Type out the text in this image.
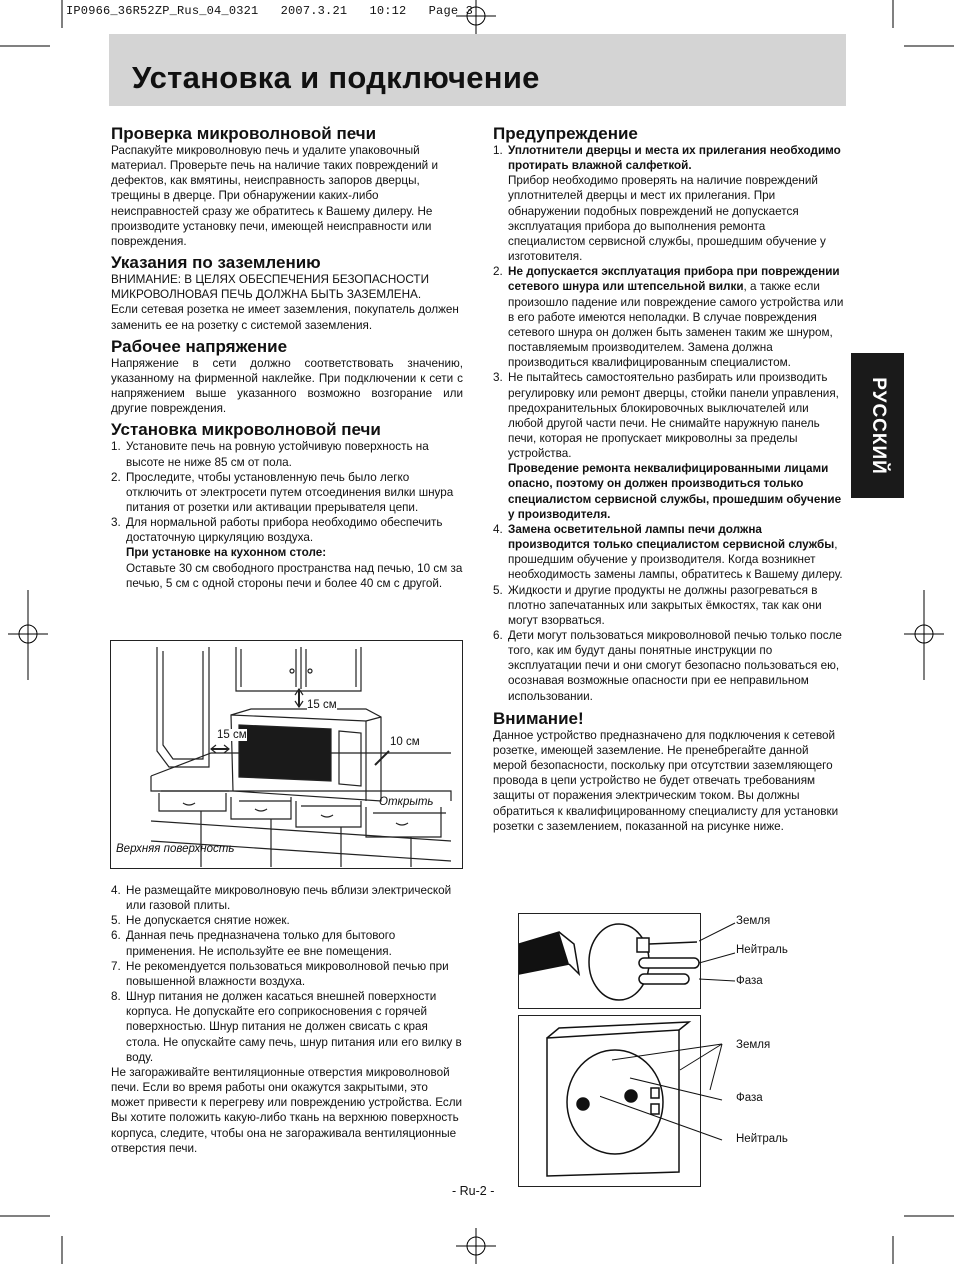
IP0966_36R52ZP_Rus_04_0321   2007.3.21   10:12   Page 3
Установка и подключение
РУССКИЙ
Проверка микроволновой печи

Распакуйте микроволновую печь и удалите упаковочный материал. Проверьте печь на наличие таких повреждений и дефектов, как вмятины, неисправность запоров дверцы, трещины в дверце. При обнаружении каких-либо неисправностей сразу же обратитесь к Вашему дилеру. Не производите установку печи, имеющей неисправности или повреждения.

Указания по заземлению

ВНИМАНИЕ: В ЦЕЛЯХ ОБЕСПЕЧЕНИЯ БЕЗОПАСНОСТИ МИКРОВОЛНОВАЯ ПЕЧЬ ДОЛЖНА БЫТЬ ЗАЗЕМЛЕНА.

Если сетевая розетка не имеет заземления, покупатель должен заменить ее на розетку с системой заземления.

Рабочее напряжение

Напряжение в сети должно соответствовать значению, указанному на фирменной наклейке. При подключении к сети с напряжением выше указанного возможно возгорание или другие повреждения.

Установка микроволновой печи
1. Установите печь на ровную устойчивую поверхность на высоте не ниже 85 см от пола.
2. Проследите, чтобы установленную печь было легко отключить от электросети путем отсоединения вилки шнура питания от розетки или активации прерывателя цепи.
3. Для нормальной работы прибора необходимо обеспечить достаточную циркуляцию воздуха.
При установке на кухонном столе:
Оставьте 30 см свободного пространства над печью, 10 см за печью, 5 см с одной стороны печи и более 40 см с другой.
15 см
15 см
10 см
Открыть
Верхняя поверхность
4. Не размещайте микроволновую печь вблизи электрической или газовой плиты.
5. Не допускается снятие ножек.
6. Данная печь предназначена только для бытового применения. Не используйте ее вне помещения.
7. Не рекомендуется пользоваться микроволновой печью при повышенной влажности воздуха.
8. Шнур питания не должен касаться внешней поверхности корпуса. Не допускайте его соприкосновения с горячей поверхностью. Шнур питания не должен свисать с края стола. Не опускайте саму печь, шнур питания или его вилку в воду.

Не загораживайте вентиляционные отверстия микроволновой печи. Если во время работы они окажутся закрытыми, это может привести к перегреву или повреждению устройства. Если Вы хотите положить какую-либо ткань на верхнюю поверхность корпуса, следите, чтобы она не загораживала вентиляционные отверстия печи.

Предупреждение
1. Уплотнители дверцы и места их прилегания необходимо протирать влажной салфеткой.
Прибор необходимо проверять на наличие повреждений уплотнителей дверцы и мест их прилегания. При обнаружении подобных повреждений не допускается эксплуатация прибора до выполнения ремонта специалистом сервисной службы, прошедшим обучение у изготовителя.
2. Не допускается эксплуатация прибора при повреждении сетевого шнура или штепсельной вилки, а также если произошло падение или повреждение самого устройства или в его работе имеются неполадки. В случае повреждения сетевого шнура он должен быть заменен таким же шнуром, поставляемым производителем. Замена должна производиться квалифицированным специалистом.
3. Не пытайтесь самостоятельно разбирать или производить регулировку или ремонт дверцы, стойки панели управления, предохранительных блокировочных выключателей или любой другой части печи. Не снимайте наружную панель печи, которая не пропускает микроволны за пределы устройства.
Проведение ремонта неквалифицированными лицами опасно, поэтому он должен производиться только специалистом сервисной службы, прошедшим обучение у производителя.
4. Замена осветительной лампы печи должна производится только специалистом сервисной службы, прошедшим обучение у производителя. Когда возникнет необходимость замены лампы, обратитесь к Вашему дилеру.
5. Жидкости и другие продукты не должны разогреваться в плотно запечатанных или закрытых ёмкостях, так как они могут взорваться.
6. Дети могут пользоваться микроволновой печью только после того, как им будут даны понятные инструкции по эксплуатации печи и они смогут безопасно пользоваться ею, осознавая возможные опасности при ее неправильном использовании.
Внимание!

Данное устройство предназначено для подключения к сетевой розетке, имеющей заземление. Не пренебрегайте данной мерой безопасности, поскольку при отсутствии заземляющего провода в цепи устройство не будет отвечать требованиям защиты от поражения электрическим током. Вы должны обратиться к квалифицированному специалисту для установки розетки с заземлением, показанной на рисунке ниже.

Земля
Нейтраль
Фаза
Земля
Фаза
Нейтраль
- Ru-2 -
